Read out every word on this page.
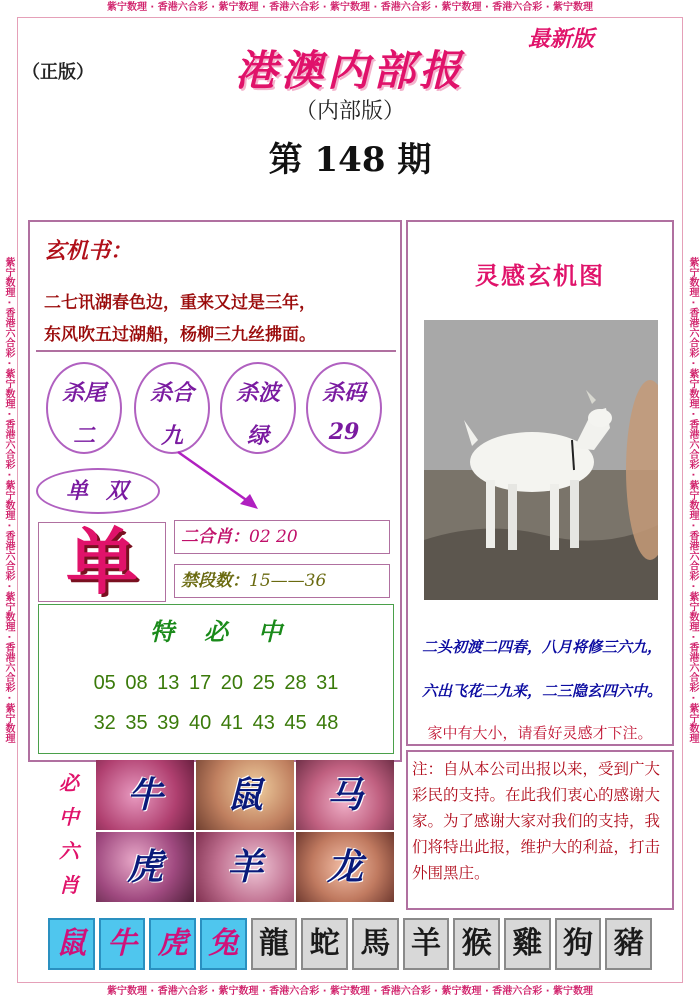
紫宁数理 · 香港六合彩 · 紫宁数理 · 香港六合彩 · 紫宁数理 · 香港六合彩 · 紫宁数理 · 香港六合彩 · 紫宁数理
紫宁数理 · 香港六合彩 · 紫宁数理 · 香港六合彩 · 紫宁数理 · 香港六合彩 · 紫宁数理 · 香港六合彩 · 紫宁数理
紫宁数理 · 香港六合彩 · 紫宁数理 · 香港六合彩 · 紫宁数理 · 香港六合彩 · 紫宁数理 · 香港六合彩 · 紫宁数理	紫宁数理 · 香港六合彩 · 紫宁数理 · 香港六合彩 · 紫宁数理 · 香港六合彩 · 紫宁数理 · 香港六合彩 · 紫宁数理
（正版）
最新版
港澳内部报
（内部版）
第 148 期
玄机书：
二七讯湖春色边，重来又过是三年，
东风吹五过湖船，杨柳三九丝拂面。
杀尾
二
杀合
九
杀波
绿
杀码
29
单双
单	二合肖：02 20
禁段数：15——36
特必中
05 08 13 17 20 25 28 31
32 35 39 40 41 43 45 48
必
中
六
肖
牛	鼠	马
虎	羊	龙
灵感玄机图
二头初渡二四春，八月将修三六九，
六出飞花二九来，二三隐玄四六中。
家中有大小，请看好灵感才下注。
注：自从本公司出报以来，受到广大彩民的支持。在此我们衷心的感谢大家。为了感谢大家对我们的支持，我们将特出此报，维护大的利益，打击外围黑庄。
鼠 牛 虎 兔 龍 蛇 馬 羊 猴 雞 狗 豬
